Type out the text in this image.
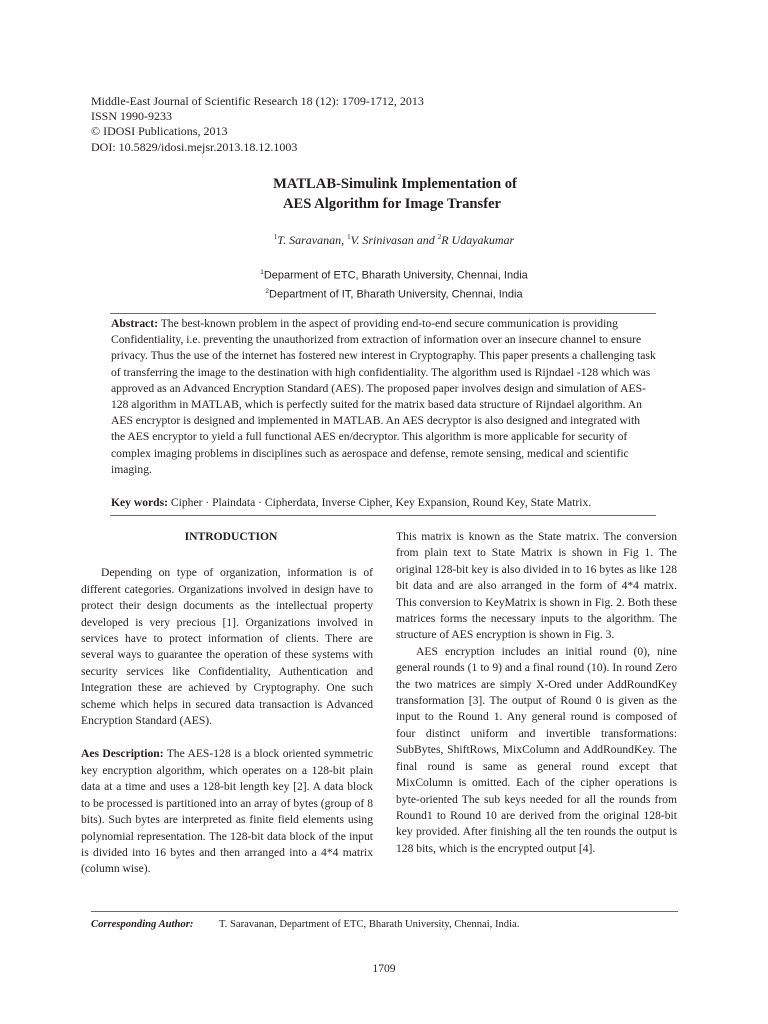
Middle-East Journal of Scientific Research 18 (12): 1709-1712, 2013
ISSN 1990-9233
© IDOSI Publications, 2013
DOI: 10.5829/idosi.mejsr.2013.18.12.1003
MATLAB-Simulink Implementation of
AES Algorithm for Image Transfer
$^1$T. Saravanan, $^1$V. Srinivasan and $^2$R Udayakumar
$^1$Deparment of ETC, Bharath University, Chennai, India
$^2$Department of IT, Bharath University, Chennai, India
Abstract: The best-known problem in the aspect of providing end-to-end secure communication is providing Confidentiality, i.e. preventing the unauthorized from extraction of information over an insecure channel to ensure privacy. Thus the use of the internet has fostered new interest in Cryptography. This paper presents a challenging task of transferring the image to the destination with high confidentiality. The algorithm used is Rijndael -128 which was approved as an Advanced Encryption Standard (AES). The proposed paper involves design and simulation of AES-128 algorithm in MATLAB, which is perfectly suited for the matrix based data structure of Rijndael algorithm. An AES encryptor is designed and implemented in MATLAB. An AES decryptor is also designed and integrated with the AES encryptor to yield a full functional AES en/decryptor. This algorithm is more applicable for security of complex imaging problems in disciplines such as aerospace and defense, remote sensing, medical and scientific imaging.
Key words: Cipher · Plaindata · Cipherdata, Inverse Cipher, Key Expansion, Round Key, State Matrix.
INTRODUCTION

Depending on type of organization, information is of different categories. Organizations involved in design have to protect their design documents as the intellectual property developed is very precious [1]. Organizations involved in services have to protect information of clients. There are several ways to guarantee the operation of these systems with security services like Confidentiality, Authentication and Integration these are achieved by Cryptography. One such scheme which helps in secured data transaction is Advanced Encryption Standard (AES).

Aes Description: The AES-128 is a block oriented symmetric key encryption algorithm, which operates on a 128-bit plain data at a time and uses a 128-bit length key [2]. A data block to be processed is partitioned into an array of bytes (group of 8 bits). Such bytes are interpreted as finite field elements using polynomial representation. The 128-bit data block of the input is divided into 16 bytes and then arranged into a 4*4 matrix (column wise).

This matrix is known as the State matrix. The conversion from plain text to State Matrix is shown in Fig 1. The original 128-bit key is also divided in to 16 bytes as like 128 bit data and are also arranged in the form of 4*4 matrix. This conversion to KeyMatrix is shown in Fig. 2. Both these matrices forms the necessary inputs to the algorithm. The structure of AES encryption is shown in Fig. 3.

AES encryption includes an initial round (0), nine general rounds (1 to 9) and a final round (10). In round Zero the two matrices are simply X-Ored under AddRoundKey transformation [3]. The output of Round 0 is given as the input to the Round 1. Any general round is composed of four distinct uniform and invertible transformations: SubBytes, ShiftRows, MixColumn and AddRoundKey. The final round is same as general round except that MixColumn is omitted. Each of the cipher operations is byte-oriented The sub keys needed for all the rounds from Round1 to Round 10 are derived from the original 128-bit key provided. After finishing all the ten rounds the output is 128 bits, which is the encrypted output [4].

Corresponding Author: T. Saravanan, Department of ETC, Bharath University, Chennai, India.
1709
